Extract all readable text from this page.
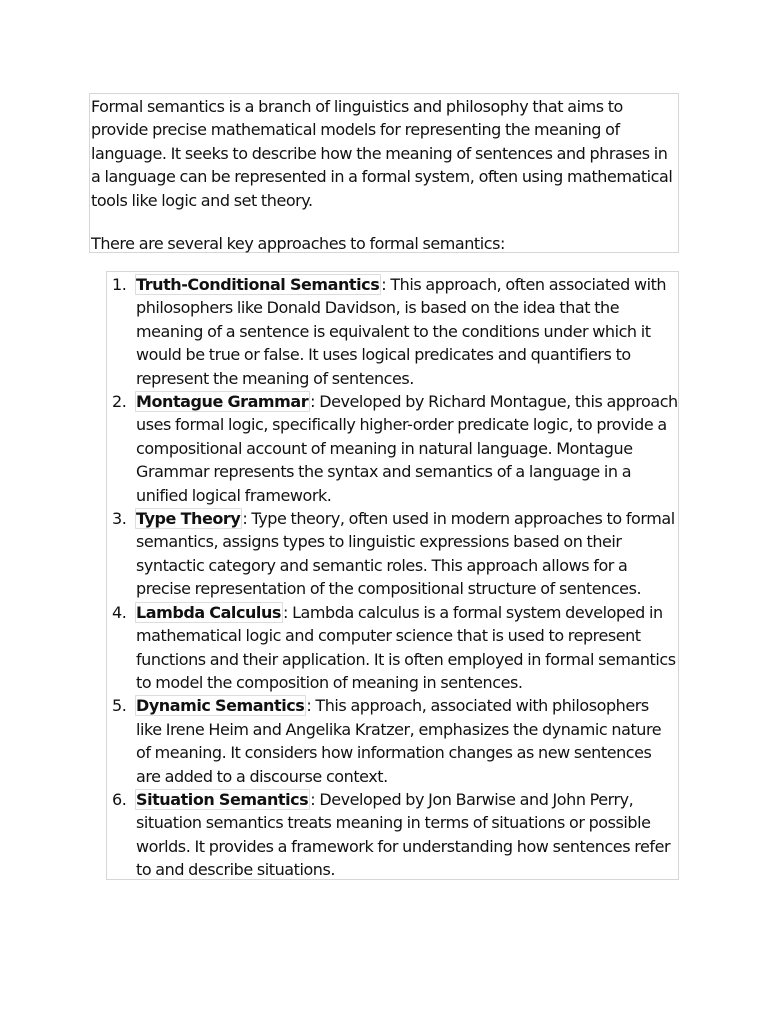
Formal semantics is a branch of linguistics and philosophy that aims to provide precise mathematical models for representing the meaning of language. It seeks to describe how the meaning of sentences and phrases in a language can be represented in a formal system, often using mathematical tools like logic and set theory.

There are several key approaches to formal semantics:

1. Truth-Conditional Semantics : This approach, often associated with philosophers like Donald Davidson, is based on the idea that the meaning of a sentence is equivalent to the conditions under which it would be true or false. It uses logical predicates and quantifiers to represent the meaning of sentences.
2. Montague Grammar : Developed by Richard Montague, this approach uses formal logic, specifically higher-order predicate logic, to provide a compositional account of meaning in natural language. Montague Grammar represents the syntax and semantics of a language in a unified logical framework.
3. Type Theory : Type theory, often used in modern approaches to formal semantics, assigns types to linguistic expressions based on their syntactic category and semantic roles. This approach allows for a precise representation of the compositional structure of sentences.
4. Lambda Calculus : Lambda calculus is a formal system developed in mathematical logic and computer science that is used to represent functions and their application. It is often employed in formal semantics to model the composition of meaning in sentences.
5. Dynamic Semantics : This approach, associated with philosophers like Irene Heim and Angelika Kratzer, emphasizes the dynamic nature of meaning. It considers how information changes as new sentences are added to a discourse context.
6. Situation Semantics : Developed by Jon Barwise and John Perry, situation semantics treats meaning in terms of situations or possible worlds. It provides a framework for understanding how sentences refer to and describe situations.
